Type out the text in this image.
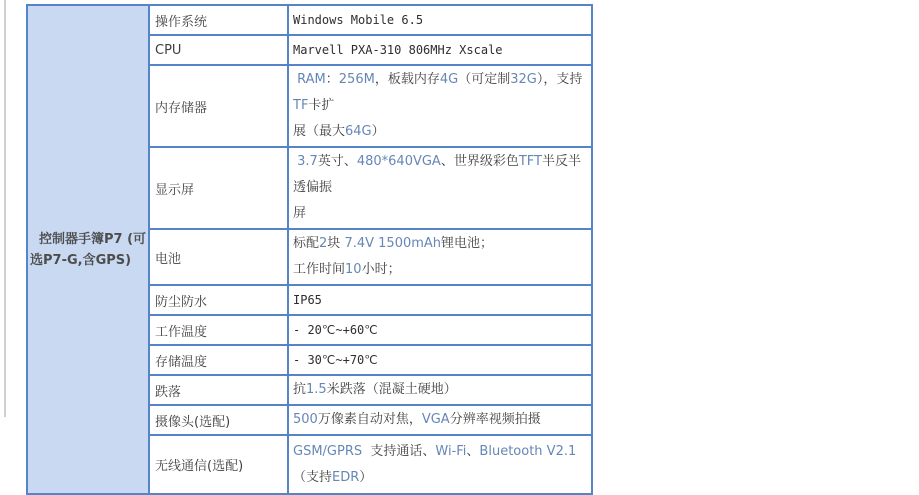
控制器手簿P7 (可
选P7-G,含GPS)	操作系统	Windows Mobile 6.5

	CPU	Marvell PXA-310 806MHz Xscale

	内存储器	RAM：256M，板载内存4G（可定制32G），支持TF卡扩
展（最大64G）

	显示屏	3.7英寸、480*640VGA、世界级彩色TFT半反半透偏振
屏

	电池	标配2块 7.4V 1500mAh锂电池；
工作时间10小时；

	防尘防水	IP65

	工作温度	- 20℃~+60℃

	存储温度	- 30℃~+70℃

	跌落	抗1.5米跌落（混凝土硬地）

	摄像头(选配)	500万像素自动对焦，VGA分辨率视频拍摄

	无线通信(选配)	GSM/GPRS  支持通话、Wi-Fi、Bluetooth V2.1
（支持EDR）
